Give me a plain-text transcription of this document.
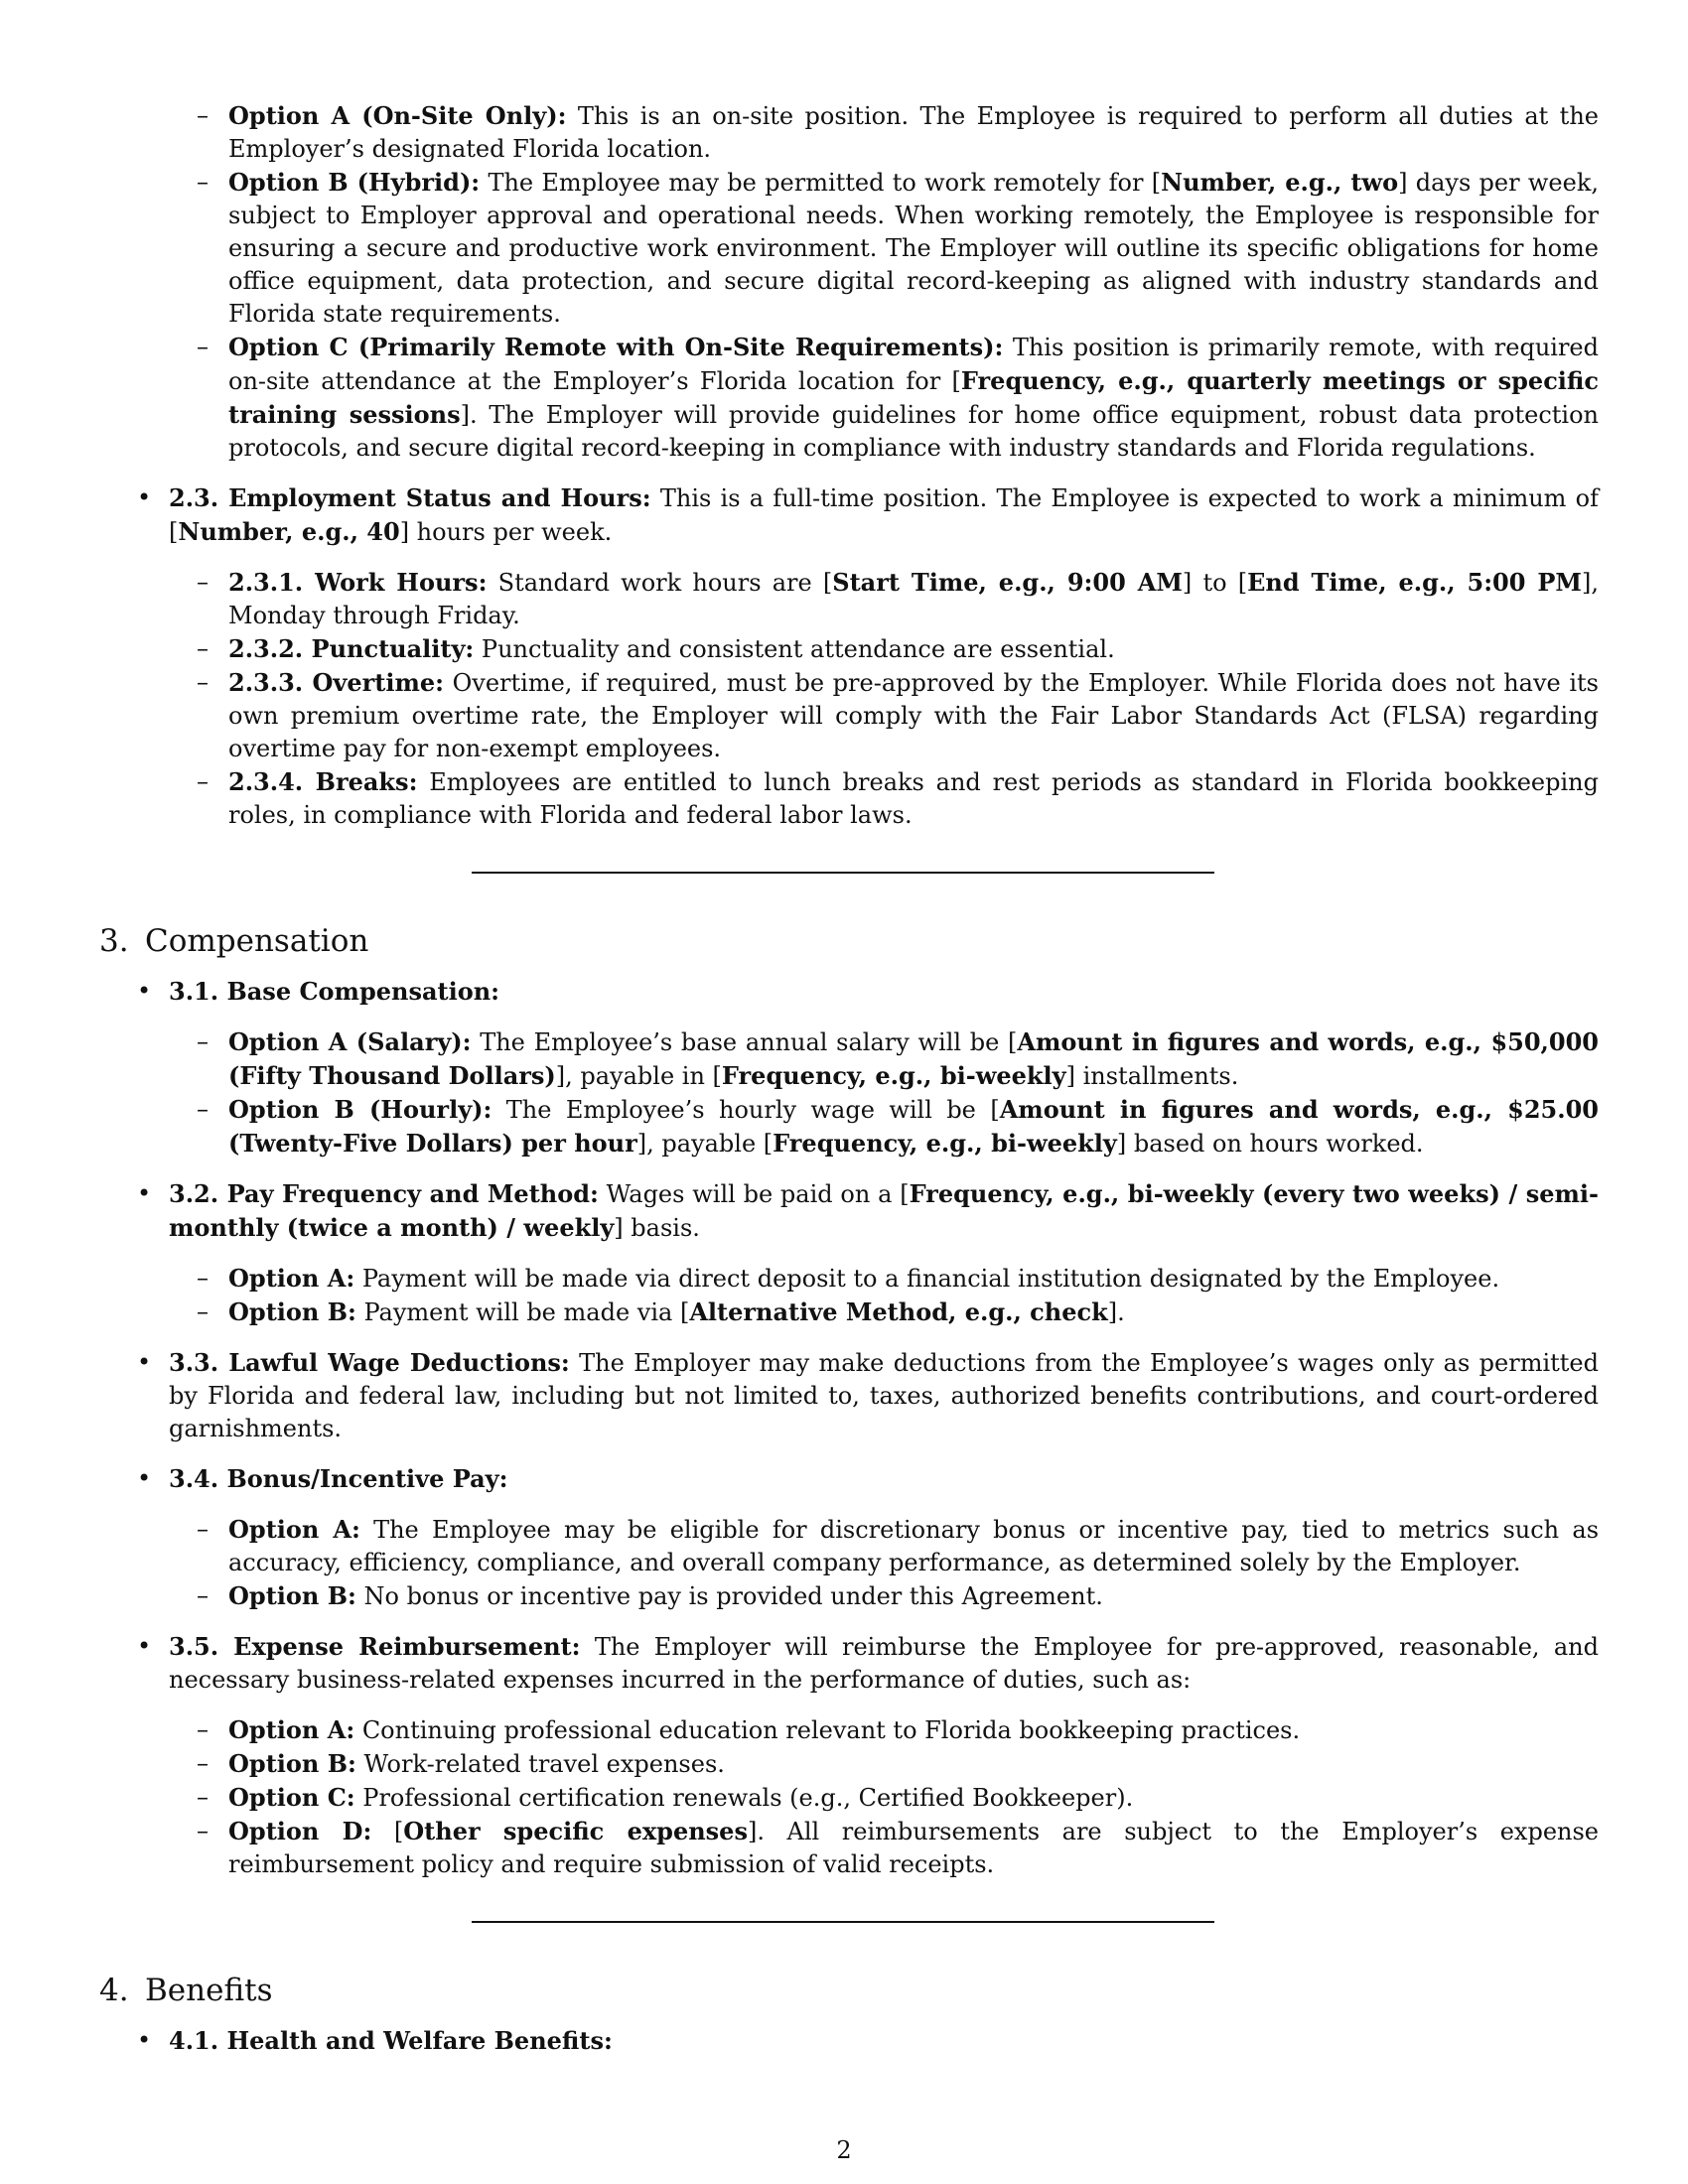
– Option A (On-Site Only): This is an on-site position. The Employee is required to perform all duties at the Employer’s designated Florida location.
– Option B (Hybrid): The Employee may be permitted to work remotely for [Number, e.g., two] days per week, subject to Employer approval and operational needs. When working remotely, the Employee is responsible for ensuring a secure and productive work environment. The Employer will outline its specific obligations for home office equipment, data protection, and secure digital record-keeping as aligned with industry standards and Florida state requirements.
– Option C (Primarily Remote with On-Site Requirements): This position is primarily remote, with required on-site attendance at the Employer’s Florida location for [Frequency, e.g., quarterly meetings or specific training sessions]. The Employer will provide guidelines for home office equipment, robust data protection protocols, and secure digital record-keeping in compliance with industry standards and Florida regulations.
• 2.3. Employment Status and Hours: This is a full-time position. The Employee is expected to work a minimum of [Number, e.g., 40] hours per week.
– 2.3.1. Work Hours: Standard work hours are [Start Time, e.g., 9:00 AM] to [End Time, e.g., 5:00 PM], Monday through Friday.
– 2.3.2. Punctuality: Punctuality and consistent attendance are essential.
– 2.3.3. Overtime: Overtime, if required, must be pre-approved by the Employer. While Florida does not have its own premium overtime rate, the Employer will comply with the Fair Labor Standards Act (FLSA) regarding overtime pay for non-exempt employees.
– 2.3.4. Breaks: Employees are entitled to lunch breaks and rest periods as standard in Florida bookkeeping roles, in compliance with Florida and federal labor laws.
3. Compensation
• 3.1. Base Compensation:
– Option A (Salary): The Employee’s base annual salary will be [Amount in figures and words, e.g., $50,000 (Fifty Thousand Dollars)], payable in [Frequency, e.g., bi-weekly] installments.
– Option B (Hourly): The Employee’s hourly wage will be [Amount in figures and words, e.g., $25.00 (Twenty-Five Dollars) per hour], payable [Frequency, e.g., bi-weekly] based on hours worked.
• 3.2. Pay Frequency and Method: Wages will be paid on a [Frequency, e.g., bi-weekly (every two weeks) / semi-monthly (twice a month) / weekly] basis.
– Option A: Payment will be made via direct deposit to a financial institution designated by the Employee.
– Option B: Payment will be made via [Alternative Method, e.g., check].
• 3.3. Lawful Wage Deductions: The Employer may make deductions from the Employee’s wages only as permitted by Florida and federal law, including but not limited to, taxes, authorized benefits contributions, and court-ordered garnishments.
• 3.4. Bonus/Incentive Pay:
– Option A: The Employee may be eligible for discretionary bonus or incentive pay, tied to metrics such as accuracy, efficiency, compliance, and overall company performance, as determined solely by the Employer.
– Option B: No bonus or incentive pay is provided under this Agreement.
• 3.5. Expense Reimbursement: The Employer will reimburse the Employee for pre-approved, reasonable, and necessary business-related expenses incurred in the performance of duties, such as:
– Option A: Continuing professional education relevant to Florida bookkeeping practices.
– Option B: Work-related travel expenses.
– Option C: Professional certification renewals (e.g., Certified Bookkeeper).
– Option D: [Other specific expenses]. All reimbursements are subject to the Employer’s expense reimbursement policy and require submission of valid receipts.
4. Benefits
• 4.1. Health and Welfare Benefits:
2
